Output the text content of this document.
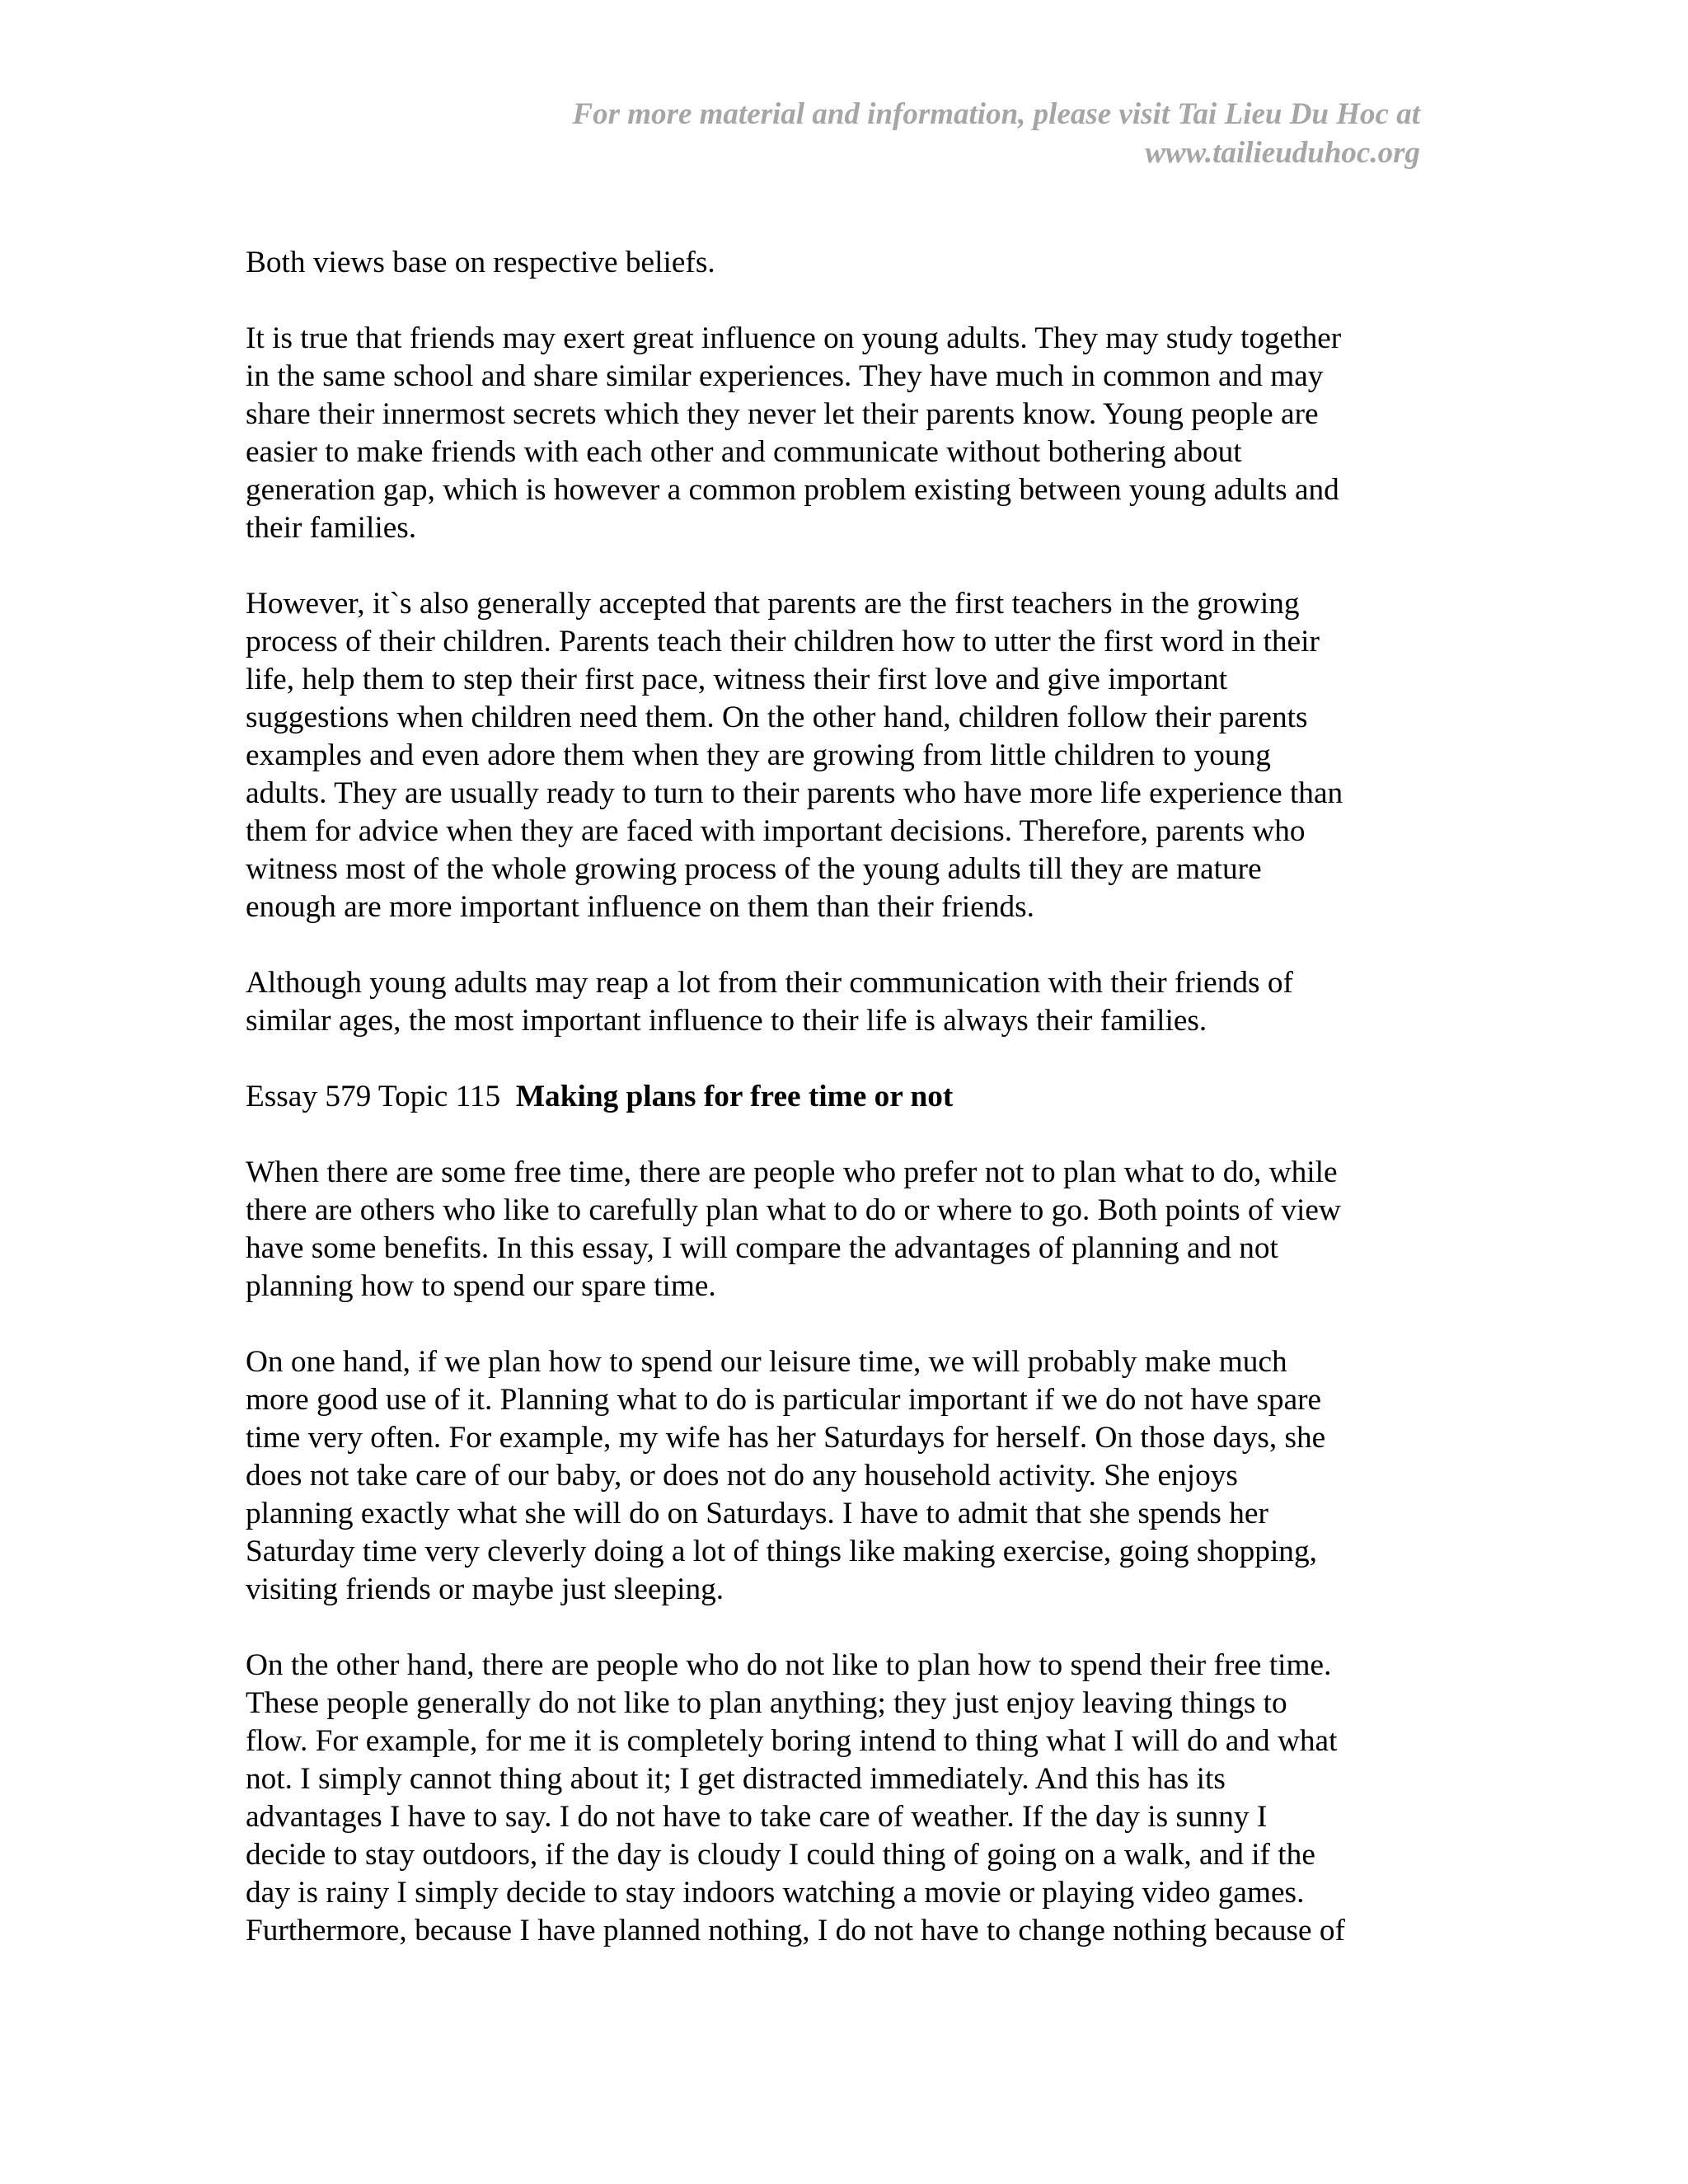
For more material and information, please visit Tai Lieu Du Hoc at
www.tailieuduhoc.org

Both views base on respective beliefs.

It is true that friends may exert great influence on young adults. They may study together
in the same school and share similar experiences. They have much in common and may
share their innermost secrets which they never let their parents know. Young people are
easier to make friends with each other and communicate without bothering about
generation gap, which is however a common problem existing between young adults and
their families.

However, it`s also generally accepted that parents are the first teachers in the growing
process of their children. Parents teach their children how to utter the first word in their
life, help them to step their first pace, witness their first love and give important
suggestions when children need them. On the other hand, children follow their parents
examples and even adore them when they are growing from little children to young
adults. They are usually ready to turn to their parents who have more life experience than
them for advice when they are faced with important decisions. Therefore, parents who
witness most of the whole growing process of the young adults till they are mature
enough are more important influence on them than their friends.

Although young adults may reap a lot from their communication with their friends of
similar ages, the most important influence to their life is always their families.

Essay 579 Topic 115  Making plans for free time or not

When there are some free time, there are people who prefer not to plan what to do, while
there are others who like to carefully plan what to do or where to go. Both points of view
have some benefits. In this essay, I will compare the advantages of planning and not
planning how to spend our spare time.

On one hand, if we plan how to spend our leisure time, we will probably make much
more good use of it. Planning what to do is particular important if we do not have spare
time very often. For example, my wife has her Saturdays for herself. On those days, she
does not take care of our baby, or does not do any household activity. She enjoys
planning exactly what she will do on Saturdays. I have to admit that she spends her
Saturday time very cleverly doing a lot of things like making exercise, going shopping,
visiting friends or maybe just sleeping.

On the other hand, there are people who do not like to plan how to spend their free time.
These people generally do not like to plan anything; they just enjoy leaving things to
flow. For example, for me it is completely boring intend to thing what I will do and what
not. I simply cannot thing about it; I get distracted immediately. And this has its
advantages I have to say. I do not have to take care of weather. If the day is sunny I
decide to stay outdoors, if the day is cloudy I could thing of going on a walk, and if the
day is rainy I simply decide to stay indoors watching a movie or playing video games.
Furthermore, because I have planned nothing, I do not have to change nothing because of
